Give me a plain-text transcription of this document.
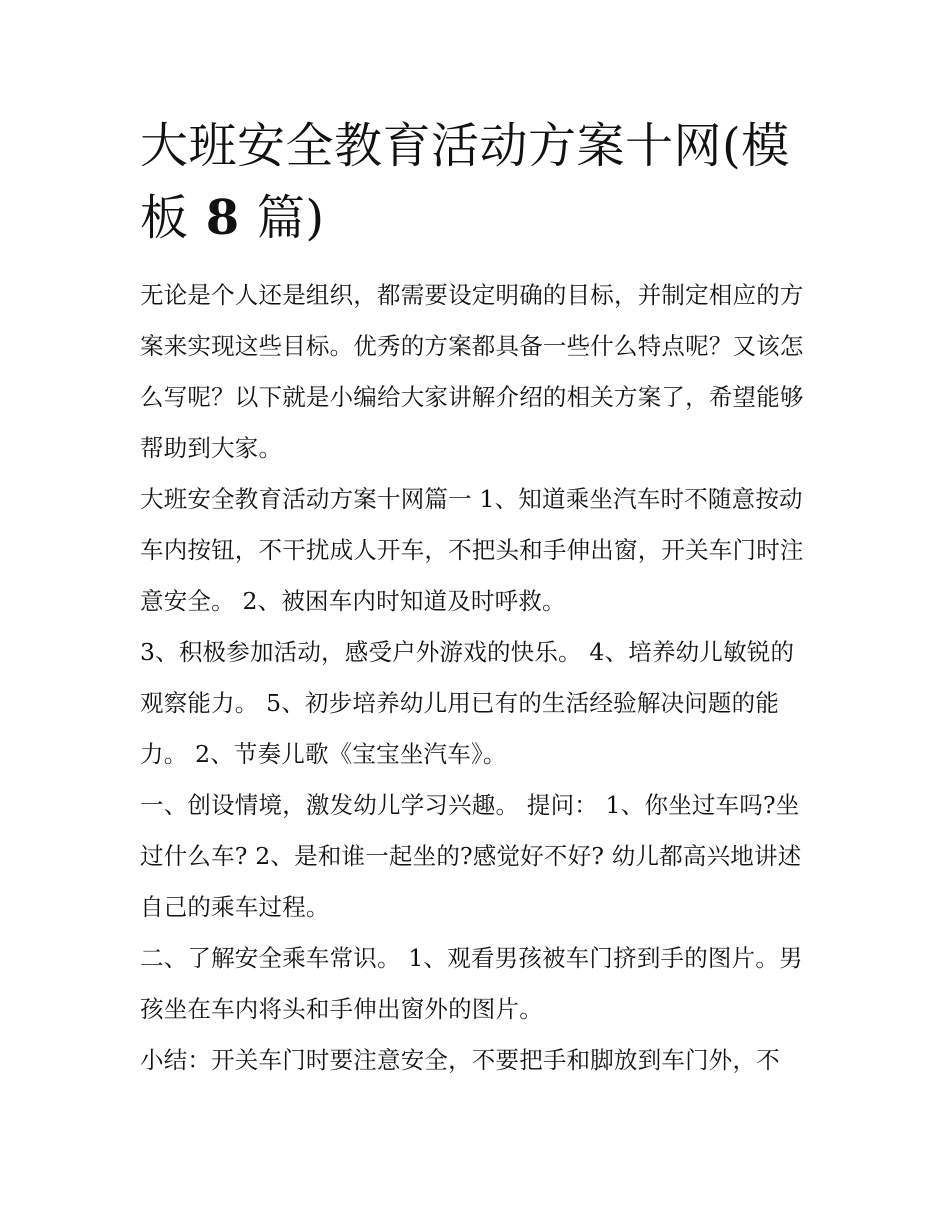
大班安全教育活动方案十网(模
板 8 篇)

无论是个人还是组织，都需要设定明确的目标，并制定相应的方案来实现这些目标。优秀的方案都具备一些什么特点呢？又该怎么写呢？以下就是小编给大家讲解介绍的相关方案了，希望能够帮助到大家。

大班安全教育活动方案十网篇一 1、知道乘坐汽车时不随意按动车内按钮，不干扰成人开车，不把头和手伸出窗，开关车门时注意安全。 2、被困车内时知道及时呼救。

3、积极参加活动，感受户外游戏的快乐。 4、培养幼儿敏锐的观察能力。 5、初步培养幼儿用已有的生活经验解决问题的能力。 2、节奏儿歌《宝宝坐汽车》。

一、创设情境，激发幼儿学习兴趣。 提问： 1、你坐过车吗?坐过什么车? 2、是和谁一起坐的?感觉好不好? 幼儿都高兴地讲述自己的乘车过程。

二、了解安全乘车常识。 1、观看男孩被车门挤到手的图片。男孩坐在车内将头和手伸出窗外的图片。

小结：开关车门时要注意安全，不要把手和脚放到车门外，不
